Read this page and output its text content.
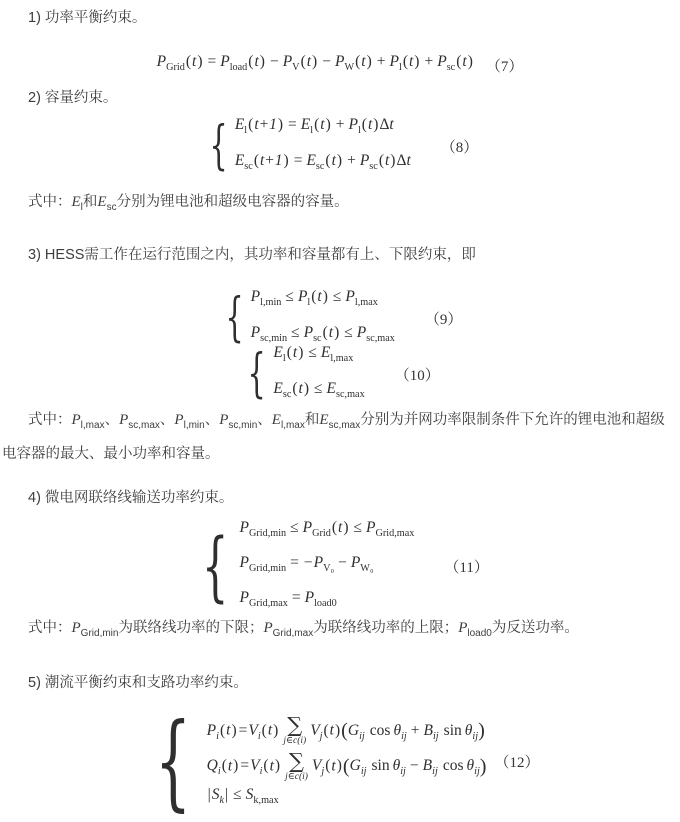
1) 功率平衡约束。

$P_{Grid}(t) = P_{load}(t) - P_V(t) - P_W(t) + P_l(t) + P_{sc}(t)$ （7）

2) 容量约束。

{ $E_l(t+1) = E_l(t) + P_l(t)\Delta t$
$E_{sc}(t+1) = E_{sc}(t) + P_{sc}(t)\Delta t$
（8）

式中：$E_l$和$E_{sc}$分别为锂电池和超级电容器的容量。

3) HESS需工作在运行范围之内，其功率和容量都有上、下限约束，即

{ $P_{l,min} \le P_l(t) \le P_{l,max}$
$P_{sc,min} \le P_{sc}(t) \le P_{sc,max}$
（9）
{ $E_l(t) \le E_{l,max}$
$E_{sc}(t) \le E_{sc,max}$
（10）

式中：$P_{l,max}$、$P_{sc,max}$、$P_{l,min}$、$P_{sc,min}$、$E_{l,max}$和$E_{sc,max}$分别为并网功率限制条件下允许的锂电池和超级电容器的最大、最小功率和容量。

4) 微电网联络线输送功率约束。

{ $P_{Grid,min} \le P_{Grid}(t) \le P_{Grid,max}$
$P_{Grid,min} = -P_{V_0} - P_{W_0}$
$P_{Grid,max} = P_{load0}$
（11）

式中：$P_{Grid,min}$为联络线功率的下限；$P_{Grid,max}$为联络线功率的上限；$P_{load0}$为反送功率。

5) 潮流平衡约束和支路功率约束。

{ $P_i(t) =V_i(t)$ ∑
j∈c(i)
$V_j(t)(G_{ij}$ $\cos \theta_{ij} + B_{ij}$ $\sin \theta_{ij}$)
$Q_i(t) =V_i(t)$ ∑
j∈c(i)
$V_j(t)(G_{ij}$ $\sin \theta_{ij} - B_{ij}$ $\cos \theta_{ij}$)
$|S_k| \le S_{k,max}$
（12）
